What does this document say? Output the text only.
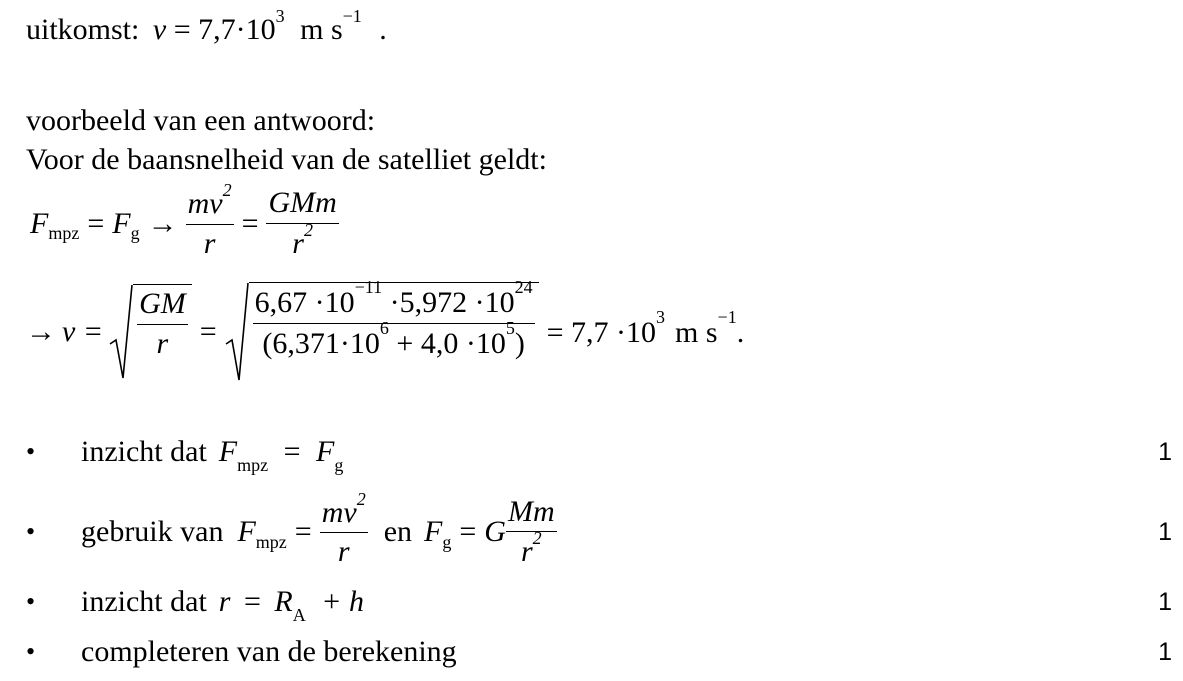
uitkomst: $v = 7,7\cdot 10^3$ m $s^{-1}$ .
voorbeeld van een antwoord:
Voor de baansnelheid van de satelliet geldt:
F mpz = F $g \to \frac{mv^2}{r} = \frac{\text{GMm}}{r^2}$
→ $v = \frac{GM}{r} = \frac{6,67 \cdot 10^{-11} \cdot 5,972 \cdot 10^{24}}{(6,371\cdot 10^6 + 4,0 \cdot 10^5)} = 7,7 \cdot 10^3$ m $s^{-1}$.
•	inzicht dat $F_{mpz} = F_g$	1
•	gebruik van F mpz = $\frac{mv^2}{r}$ en F g = G $\frac{Mm}{r^2}$	1
•	inzicht dat $r = R_A + h$	1
•	completeren van de berekening	1
